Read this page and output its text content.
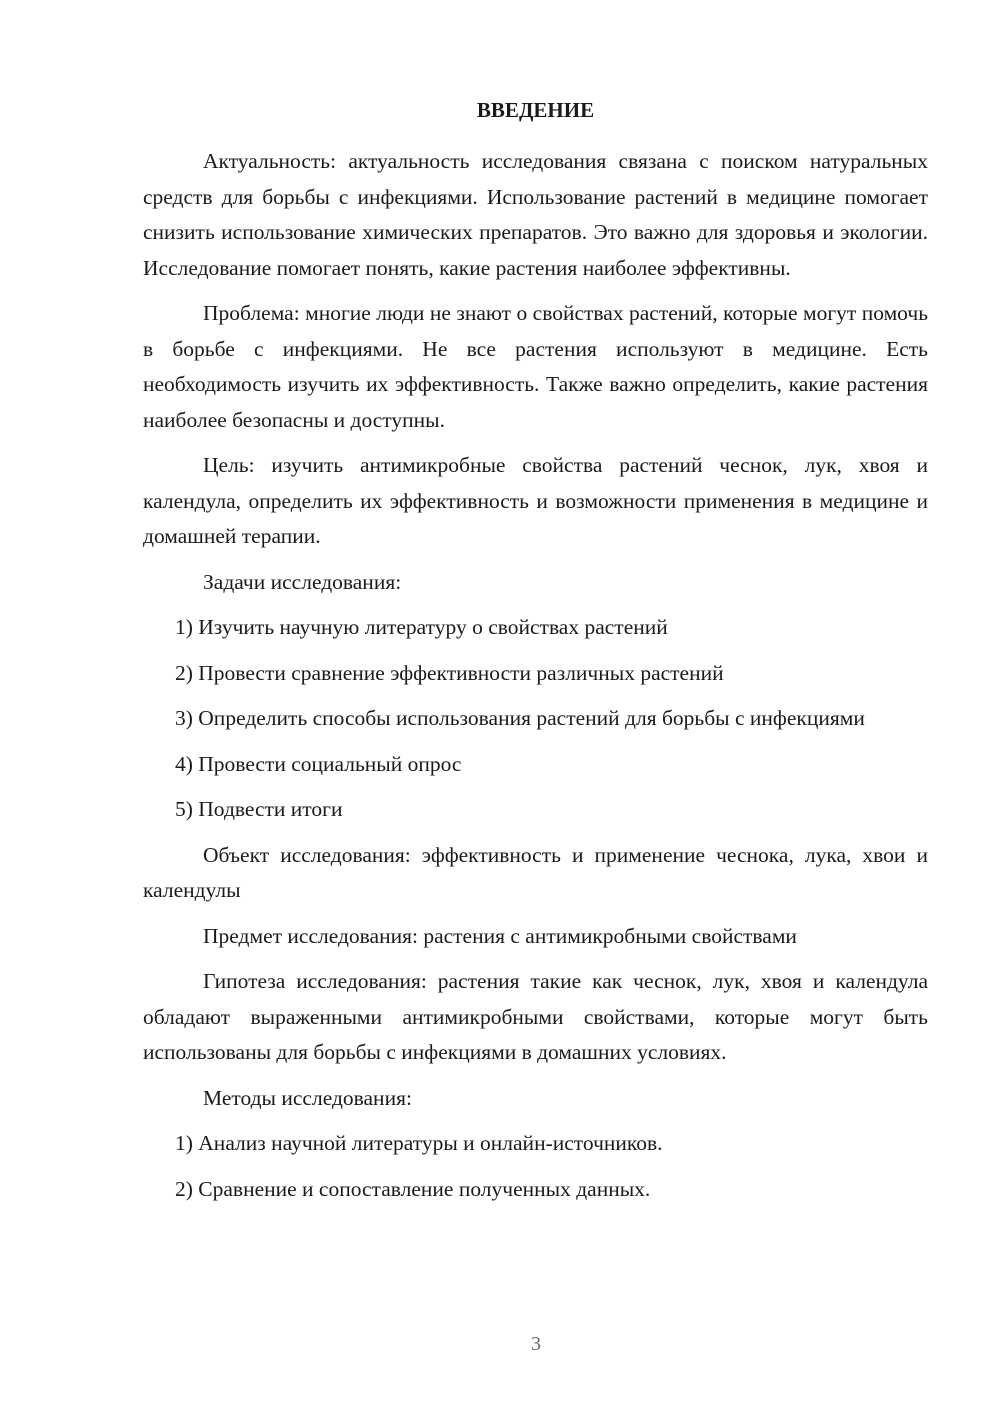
ВВЕДЕНИЕ

Актуальность: актуальность исследования связана с поиском натуральных средств для борьбы с инфекциями. Использование растений в медицине помогает снизить использование химических препаратов. Это важно для здоровья и экологии. Исследование помогает понять, какие растения наиболее эффективны.

Проблема: многие люди не знают о свойствах растений, которые могут помочь в борьбе с инфекциями. Не все растения используют в медицине. Есть необходимость изучить их эффективность. Также важно определить, какие растения наиболее безопасны и доступны.

Цель: изучить антимикробные свойства растений чеснок, лук, хвоя и календула, определить их эффективность и возможности применения в медицине и домашней терапии.

Задачи исследования:

1) Изучить научную литературу о свойствах растений

2) Провести сравнение эффективности различных растений

3) Определить способы использования растений для борьбы с инфекциями

4) Провести социальный опрос

5) Подвести итоги

Объект исследования: эффективность и применение чеснока, лука, хвои и календулы

Предмет исследования: растения с антимикробными свойствами

Гипотеза исследования: растения такие как чеснок, лук, хвоя и календула обладают выраженными антимикробными свойствами, которые могут быть использованы для борьбы с инфекциями в домашних условиях.

Методы исследования:

1) Анализ научной литературы и онлайн-источников.

2) Сравнение и сопоставление полученных данных.

3
